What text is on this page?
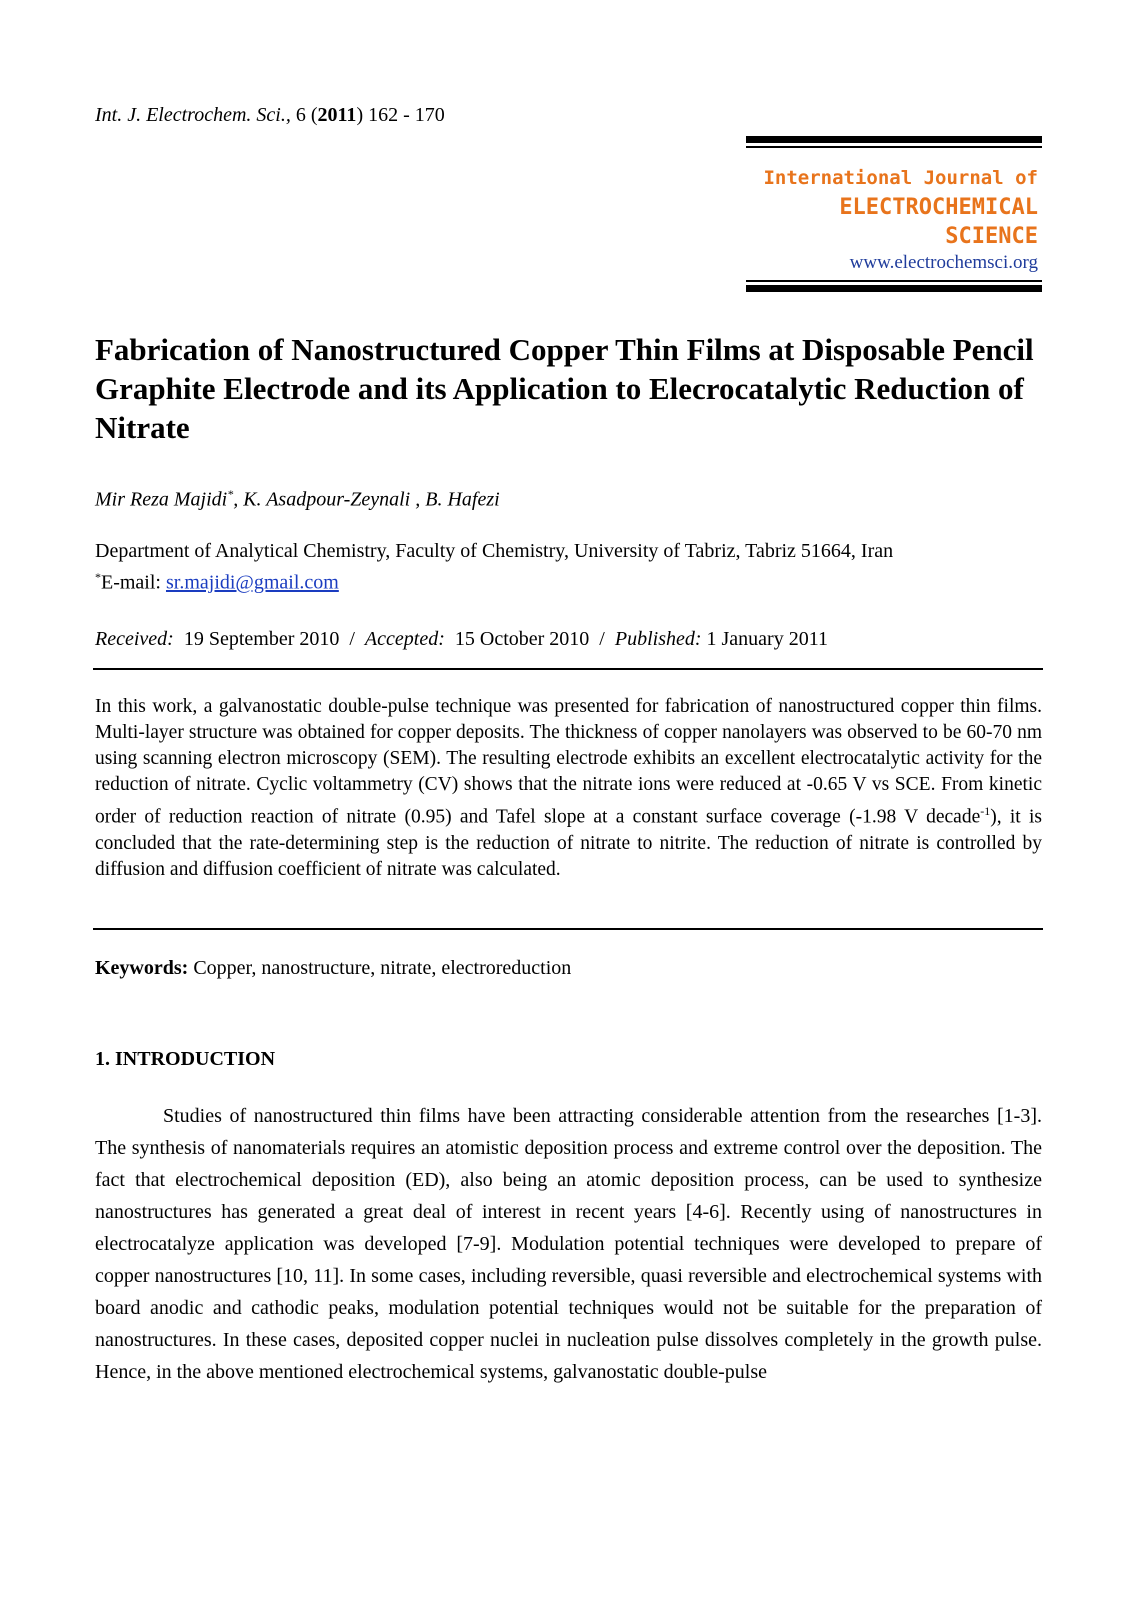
Int. J. Electrochem. Sci., 6 (2011) 162 - 170
International Journal of
ELECTROCHEMICAL
SCIENCE
www.electrochemsci.org
Fabrication of Nanostructured Copper Thin Films at Disposable Pencil Graphite Electrode and its Application to Elecrocatalytic Reduction of Nitrate
Mir Reza Majidi*, K. Asadpour-Zeynali , B. Hafezi
Department of Analytical Chemistry, Faculty of Chemistry, University of Tabriz, Tabriz 51664, Iran
*E-mail: sr.majidi@gmail.com
Received: 19 September 2010 / Accepted: 15 October 2010 / Published: 1 January 2011

In this work, a galvanostatic double-pulse technique was presented for fabrication of nanostructured copper thin films. Multi-layer structure was obtained for copper deposits. The thickness of copper nanolayers was observed to be 60-70 nm using scanning electron microscopy (SEM). The resulting electrode exhibits an excellent electrocatalytic activity for the reduction of nitrate. Cyclic voltammetry (CV) shows that the nitrate ions were reduced at -0.65 V vs SCE. From kinetic order of reduction reaction of nitrate (0.95) and Tafel slope at a constant surface coverage (-1.98 V decade$^{-1}$), it is concluded that the rate-determining step is the reduction of nitrate to nitrite. The reduction of nitrate is controlled by diffusion and diffusion coefficient of nitrate was calculated.

Keywords: Copper, nanostructure, nitrate, electroreduction
1. INTRODUCTION

Studies of nanostructured thin films have been attracting considerable attention from the researches [1-3]. The synthesis of nanomaterials requires an atomistic deposition process and extreme control over the deposition. The fact that electrochemical deposition (ED), also being an atomic deposition process, can be used to synthesize nanostructures has generated a great deal of interest in recent years [4-6]. Recently using of nanostructures in electrocatalyze application was developed [7-9]. Modulation potential techniques were developed to prepare of copper nanostructures [10, 11]. In some cases, including reversible, quasi reversible and electrochemical systems with board anodic and cathodic peaks, modulation potential techniques would not be suitable for the preparation of nanostructures. In these cases, deposited copper nuclei in nucleation pulse dissolves completely in the growth pulse. Hence, in the above mentioned electrochemical systems, galvanostatic double-pulse
